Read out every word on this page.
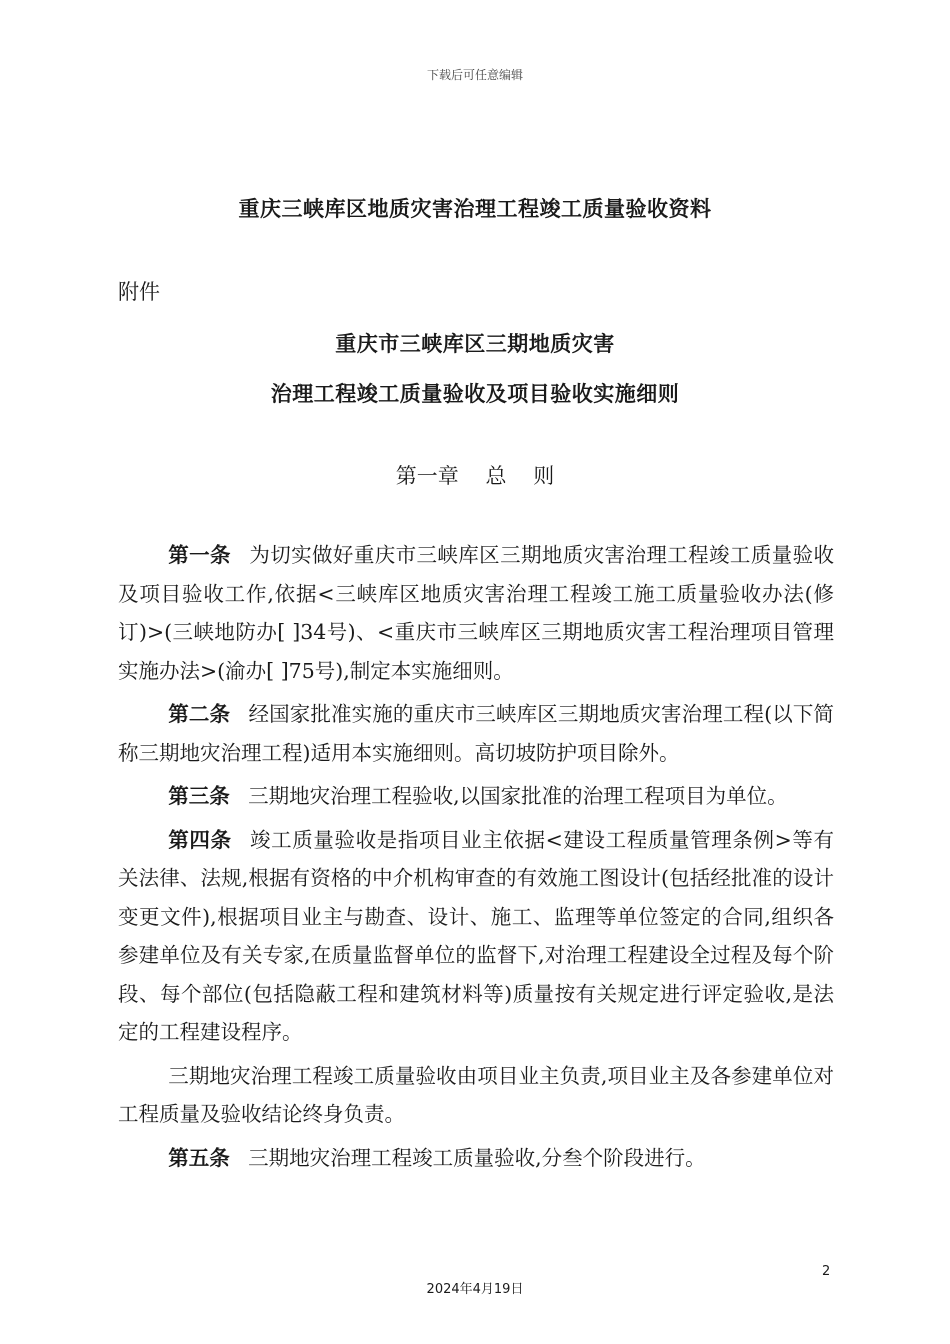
下载后可任意编辑
重庆三峡库区地质灾害治理工程竣工质量验收资料
附件
重庆市三峡库区三期地质灾害
治理工程竣工质量验收及项目验收实施细则
第一章    总    则

第一条 为切实做好重庆市三峡库区三期地质灾害治理工程竣工质量验收及项目验收工作,依据<三峡库区地质灾害治理工程竣工施工质量验收办法(修订)>(三峡地防办[ ]34号)、<重庆市三峡库区三期地质灾害工程治理项目管理实施办法>(渝办[ ]75号),制定本实施细则。

第二条 经国家批准实施的重庆市三峡库区三期地质灾害治理工程(以下简称三期地灾治理工程)适用本实施细则。高切坡防护项目除外。

第三条 三期地灾治理工程验收,以国家批准的治理工程项目为单位。

第四条 竣工质量验收是指项目业主依据<建设工程质量管理条例>等有关法律、法规,根据有资格的中介机构审查的有效施工图设计(包括经批准的设计变更文件),根据项目业主与勘查、设计、施工、监理等单位签定的合同,组织各参建单位及有关专家,在质量监督单位的监督下,对治理工程建设全过程及每个阶段、每个部位(包括隐蔽工程和建筑材料等)质量按有关规定进行评定验收,是法定的工程建设程序。

三期地灾治理工程竣工质量验收由项目业主负责,项目业主及各参建单位对工程质量及验收结论终身负责。

第五条 三期地灾治理工程竣工质量验收,分叁个阶段进行。

2
2024年4月19日
